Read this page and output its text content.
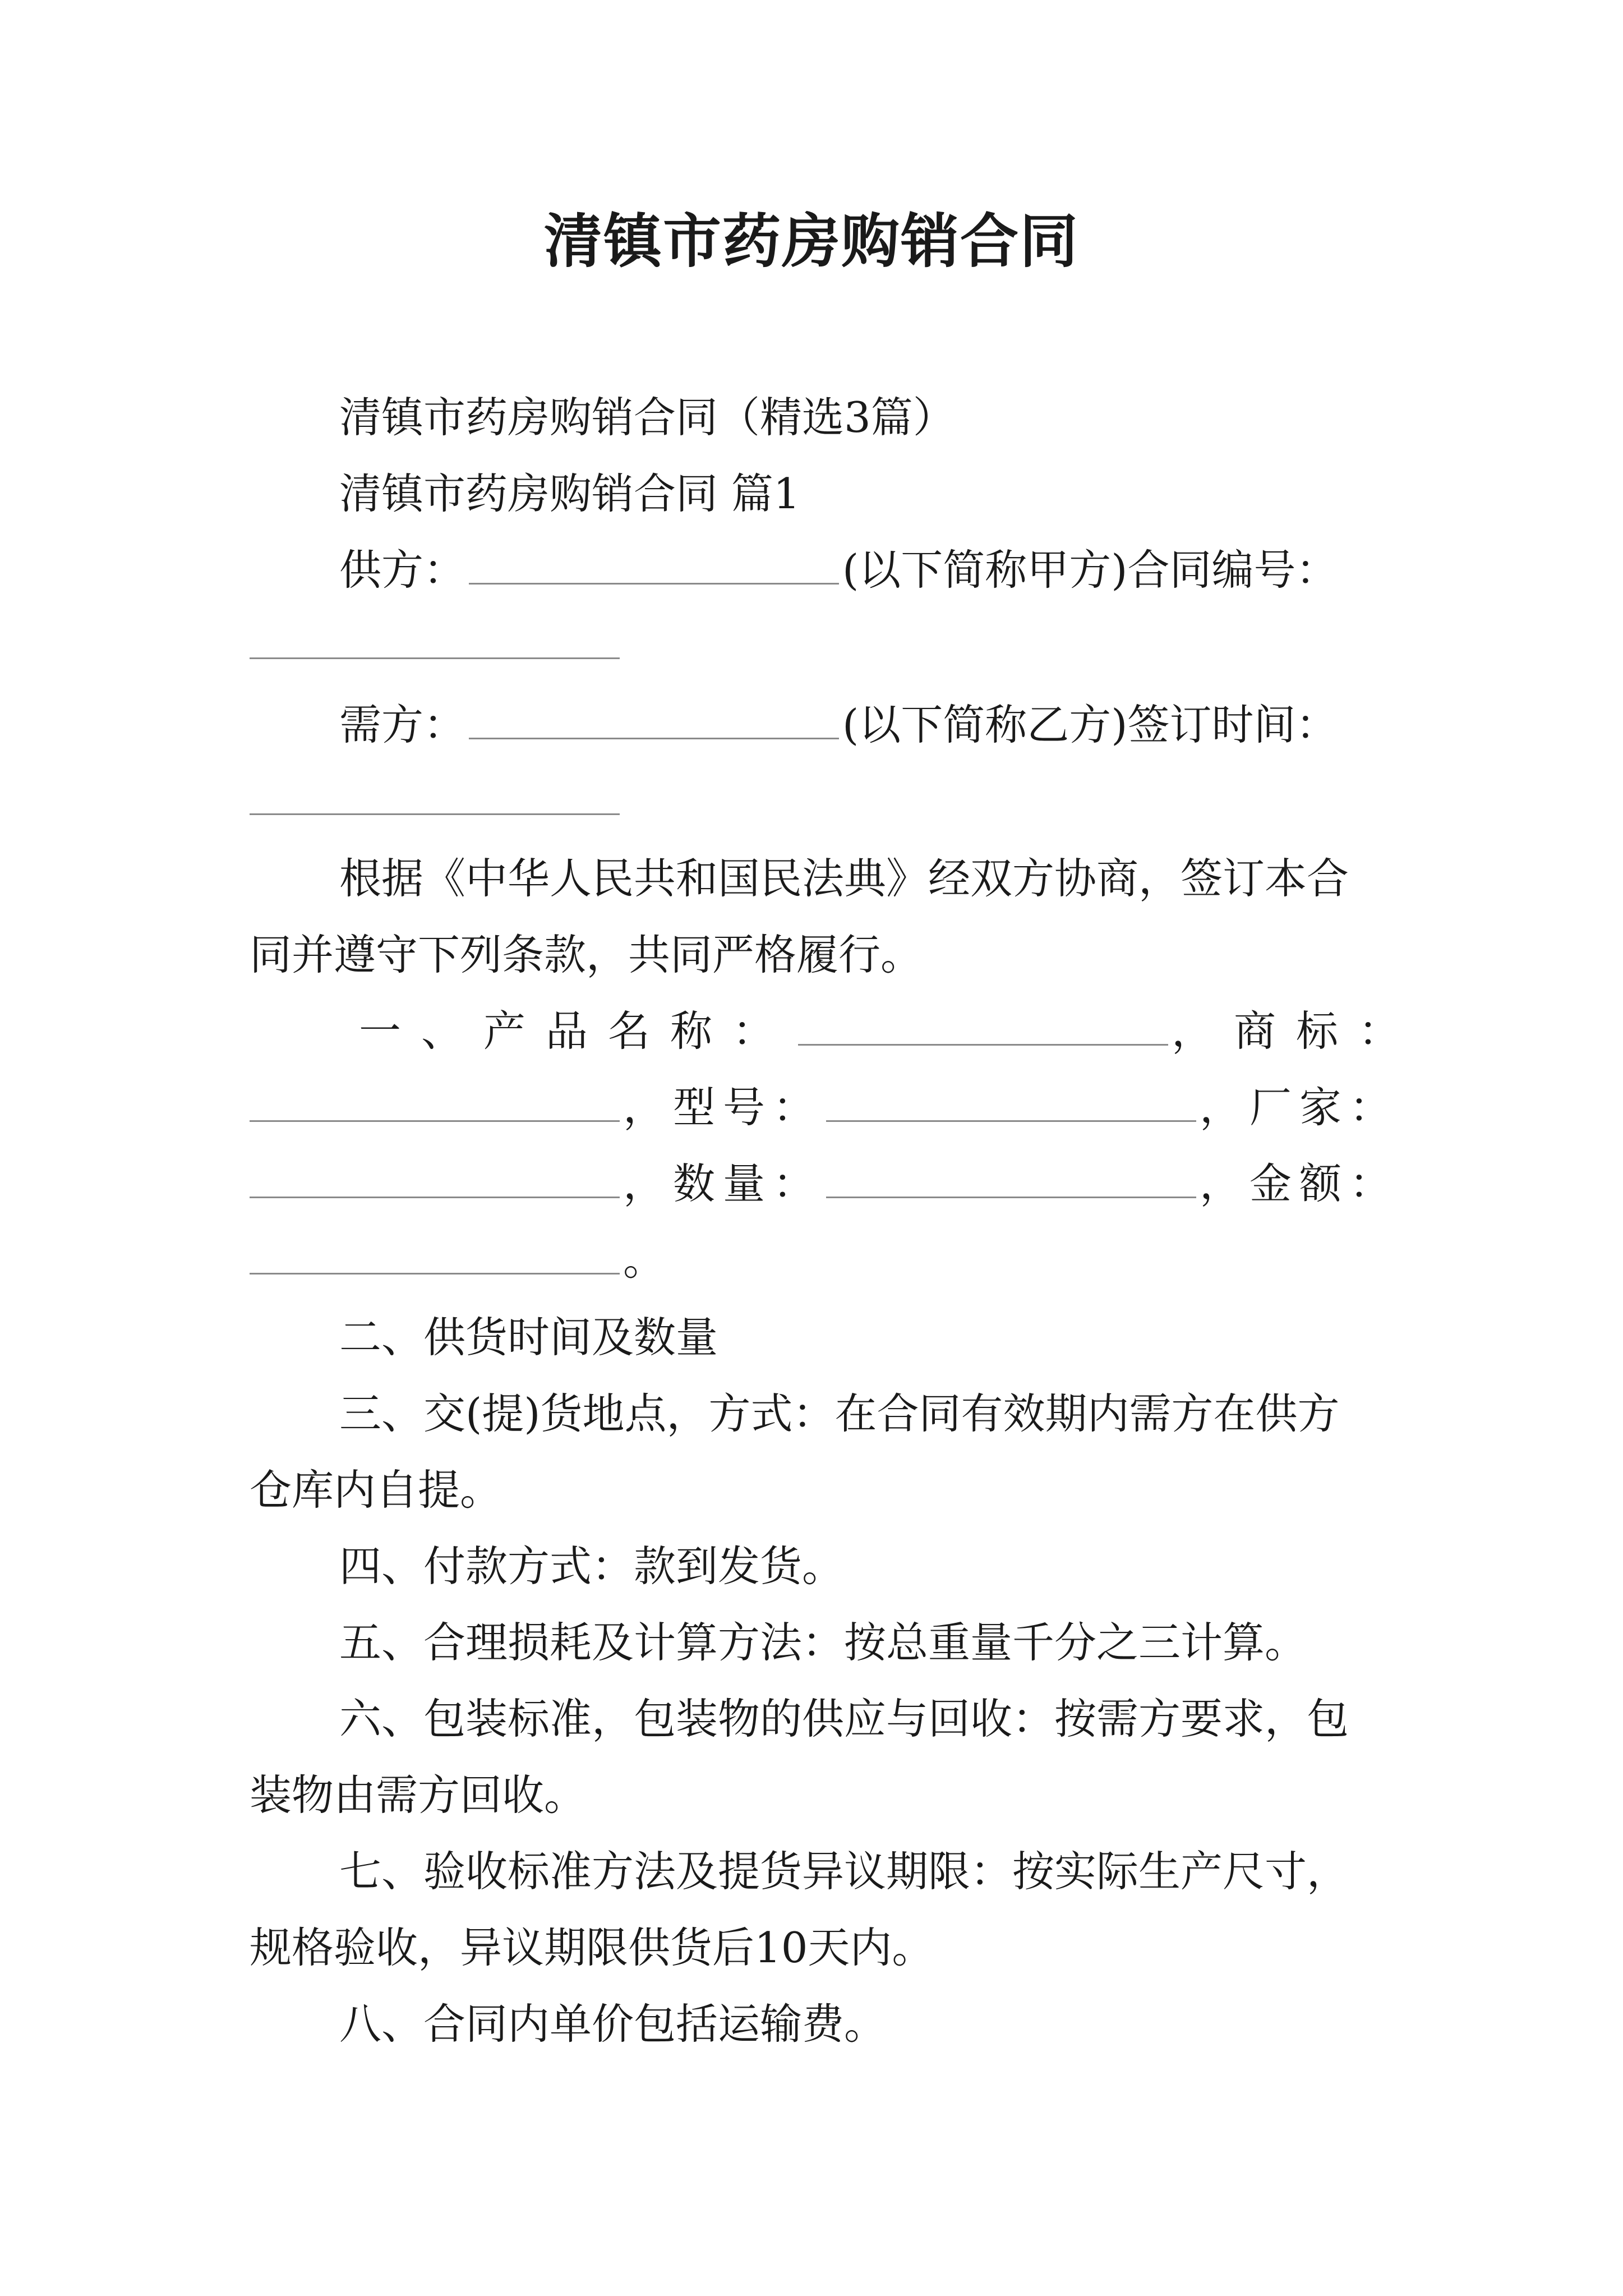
清镇市药房购销合同
清镇市药房购销合同（精选3篇）
清镇市药房购销合同 篇1
供方：	(以下简称甲方)合同编号：
需方：	(以下简称乙方)签订时间：
根据《中华人民共和国民法典》经双方协商，签订本合
同并遵守下列条款，共同严格履行。
一、产品名称：	，商标：
，型号：	，厂家：
，数量：	，金额：
。
二、供货时间及数量
三、交(提)货地点，方式：在合同有效期内需方在供方
仓库内自提。
四、付款方式：款到发货。
五、合理损耗及计算方法：按总重量千分之三计算。
六、包装标准，包装物的供应与回收：按需方要求，包
装物由需方回收。
七、验收标准方法及提货异议期限：按实际生产尺寸，
规格验收，异议期限供货后10天内。
八、合同内单价包括运输费。
